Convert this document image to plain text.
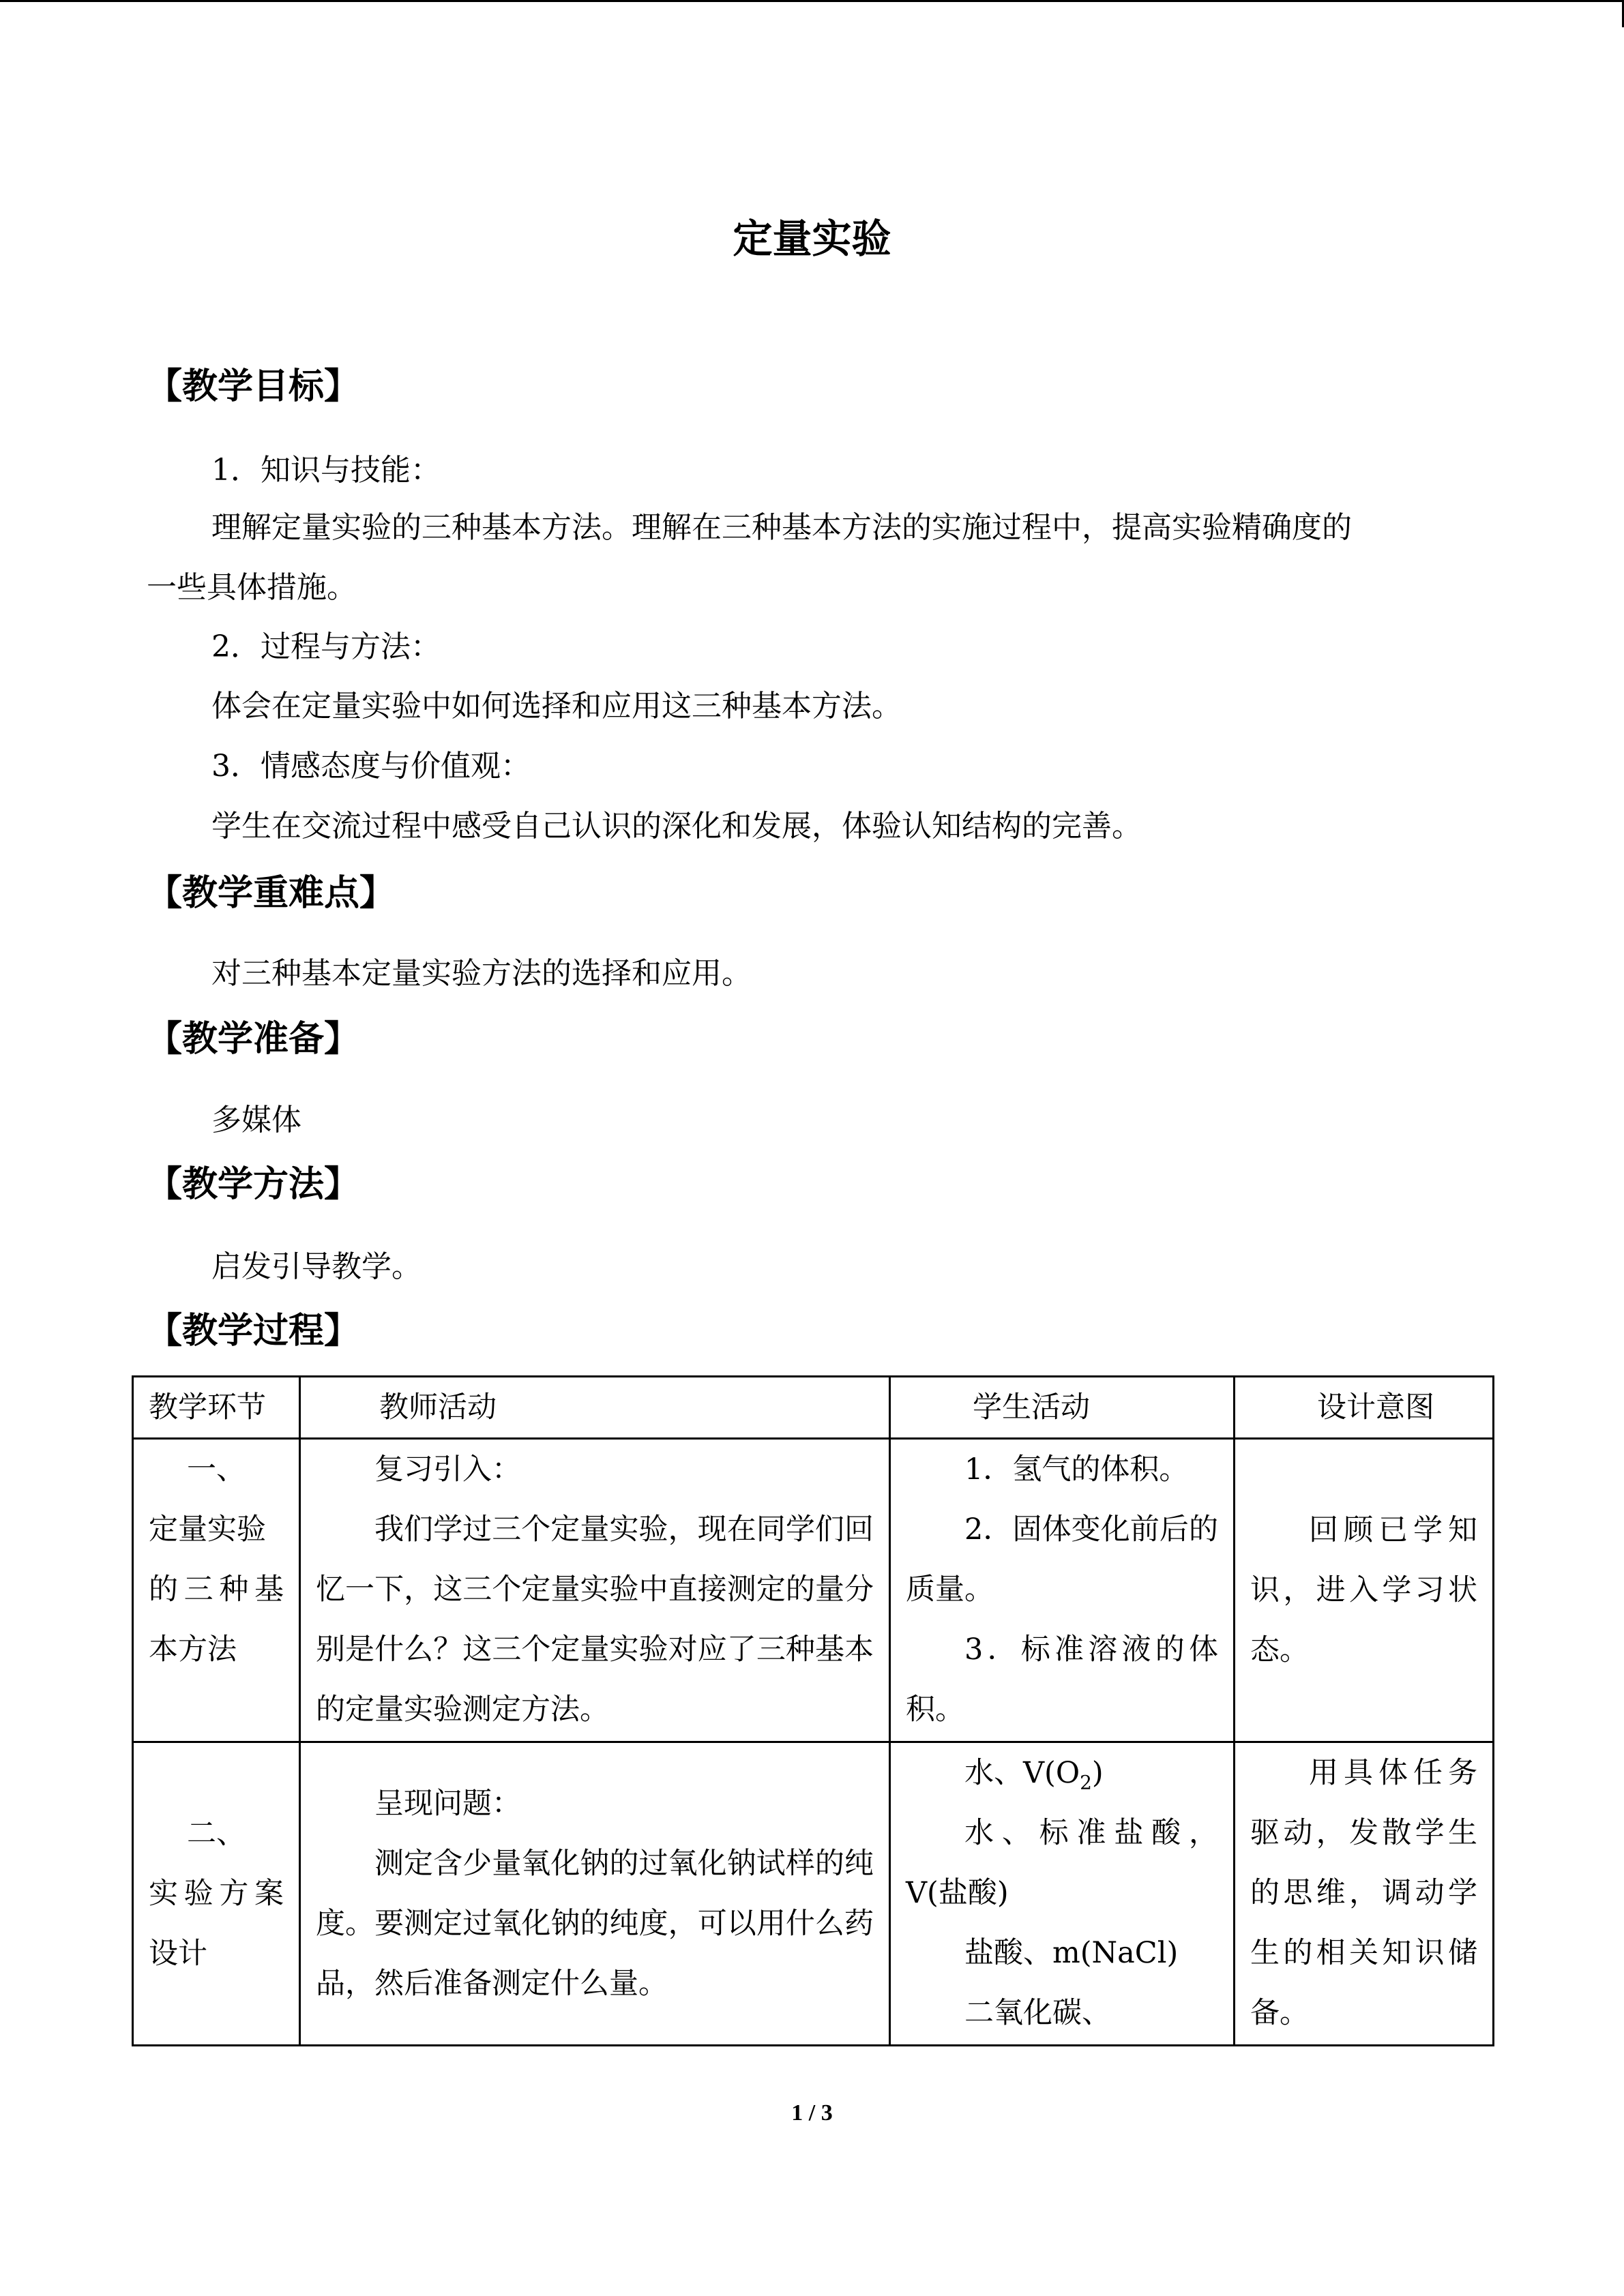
定量实验
【教学目标】
1．知识与技能：
理解定量实验的三种基本方法。理解在三种基本方法的实施过程中，提高实验精确度的
一些具体措施。
2．过程与方法：
体会在定量实验中如何选择和应用这三种基本方法。
3．情感态度与价值观：
学生在交流过程中感受自己认识的深化和发展，体验认知结构的完善。
【教学重难点】
对三种基本定量实验方法的选择和应用。
【教学准备】
多媒体
【教学方法】
启发引导教学。
【教学过程】
教学环节	教师活动	学生活动	设计意图

一、
定量实验
的三种基本方法	复习引入：
我们学过三个定量实验，现在同学们回忆一下，这三个定量实验中直接测定的量分别是什么？这三个定量实验对应了三种基本的定量实验测定方法。	1．氢气的体积。
2．固体变化前后的质量。
3．标准溶液的体积。	回顾已学知识，进入学习状态。

二、
实验方案设计	呈现问题：
测定含少量氧化钠的过氧化钠试样的纯度。要测定过氧化钠的纯度，可以用什么药品，然后准备测定什么量。	水、$V(O_2)$
水、标准盐酸，V(盐酸)
盐酸、m(NaCl)
二氧化碳、	用具体任务驱动，发散学生的思维，调动学生的相关知识储备。
1 / 3
